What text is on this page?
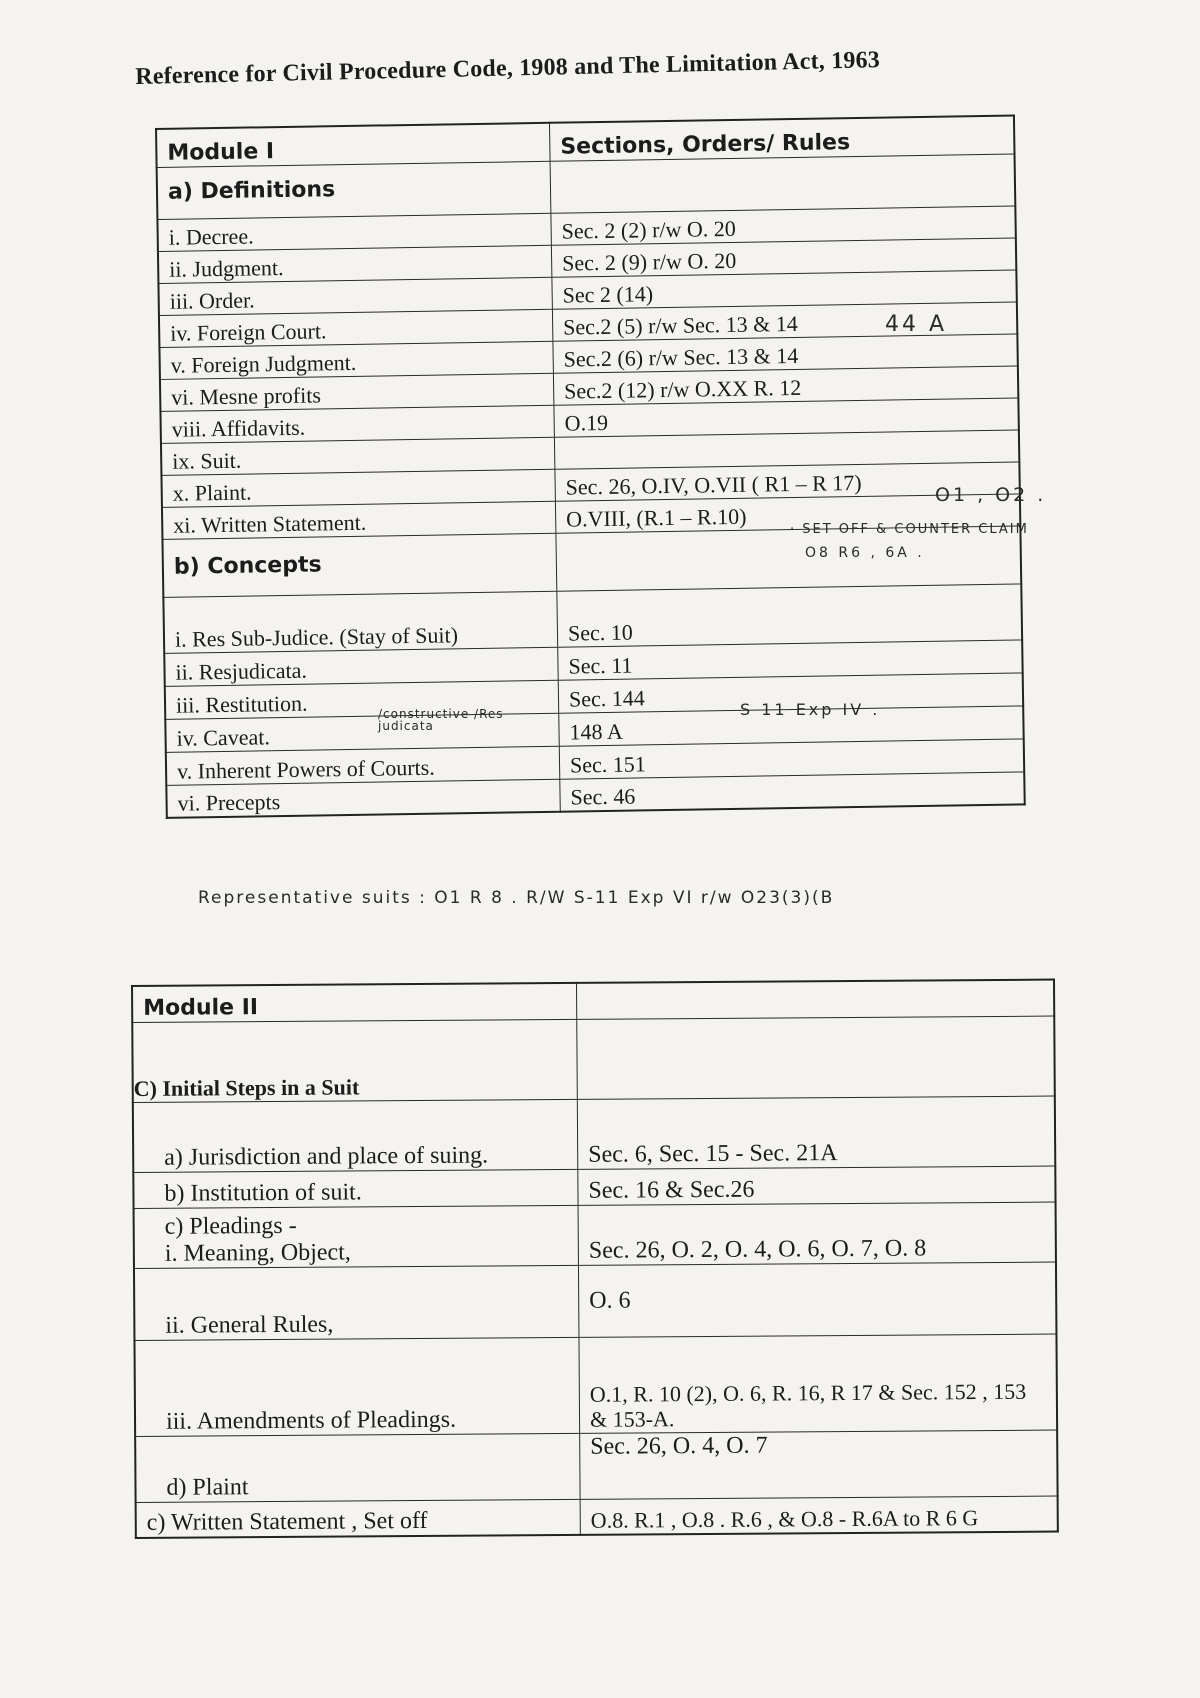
Reference for Civil Procedure Code, 1908 and The Limitation Act, 1963
Module I	Sections, Orders/ Rules
a) Definitions	
i. Decree.	Sec. 2 (2) r/w O. 20
ii. Judgment.	Sec. 2 (9) r/w O. 20
iii. Order.	Sec 2 (14)
iv. Foreign Court.	Sec.2 (5) r/w Sec. 13 & 14
v. Foreign Judgment.	Sec.2 (6) r/w Sec. 13 & 14
vi. Mesne profits	Sec.2 (12) r/w O.XX R. 12
viii. Affidavits.	O.19
ix. Suit.	
x. Plaint.	Sec. 26, O.IV, O.VII ( R1 – R 17)
xi. Written Statement.	O.VIII, (R.1 – R.10)
b) Concepts	
i. Res Sub-Judice. (Stay of Suit)	Sec. 10
ii. Resjudicata.	Sec. 11
iii. Restitution.	Sec. 144
iv. Caveat.	148 A
v. Inherent Powers of Courts.	Sec. 151
vi. Precepts	Sec. 46
44 A
O1 , O2 .
· SET OFF & COUNTER CLAIM
O8 R6 , 6A .
/constructive /Res judicata
S 11 Exp IV .
Representative suits : O1 R 8 . R/W S-11 Exp VI r/w O23(3)(B
Module II	
C) Initial Steps in a Suit	
a) Jurisdiction and place of suing.	Sec. 6, Sec. 15 - Sec. 21A
b) Institution of suit.	Sec. 16 & Sec.26
c) Pleadings -
i. Meaning, Object,	Sec. 26, O. 2, O. 4, O. 6, O. 7, O. 8
ii. General Rules,	O. 6
iii. Amendments of Pleadings.	O.1, R. 10 (2), O. 6, R. 16, R 17 & Sec. 152 , 153 & 153-A.
d) Plaint	Sec. 26, O. 4, O. 7
c) Written Statement , Set off	O.8. R.1 , O.8 . R.6 , & O.8 - R.6A to R 6 G
